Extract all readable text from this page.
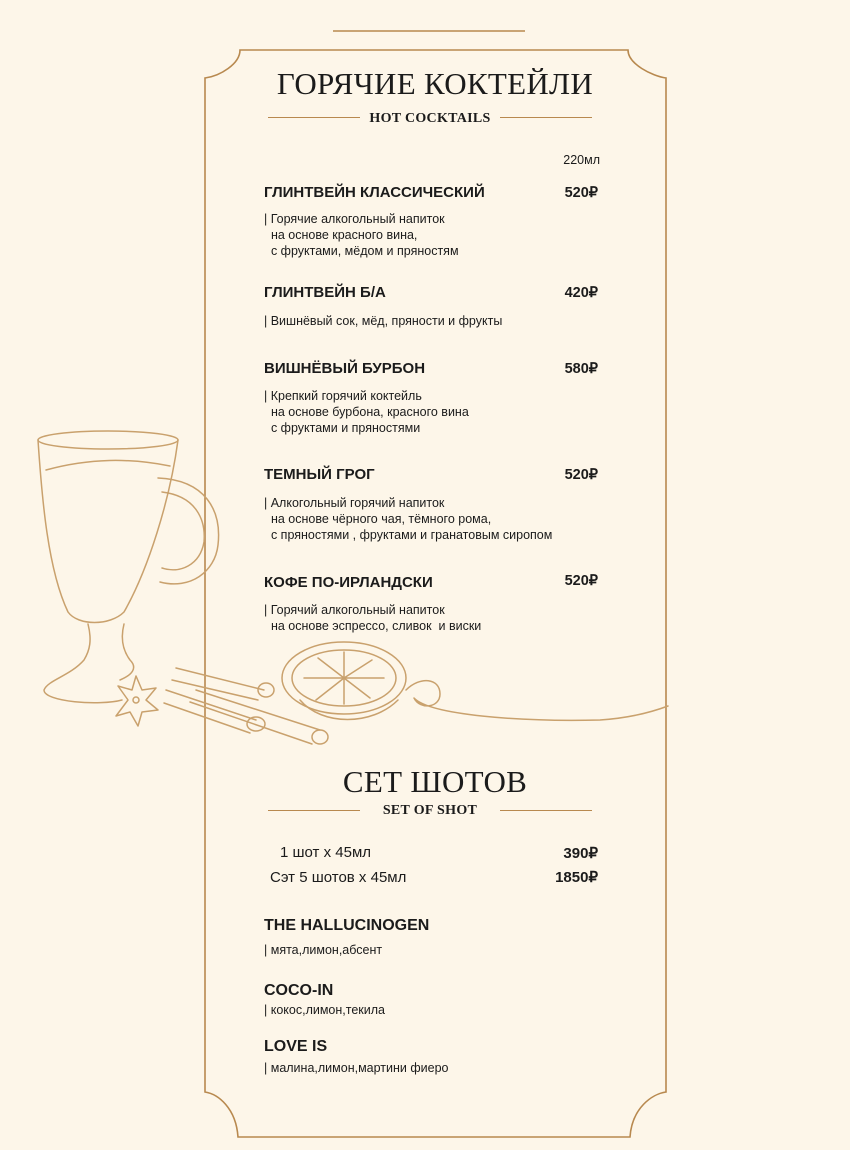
ГОРЯЧИЕ КОКТЕЙЛИ
HOT COCKTAILS
220мл
ГЛИНТВЕЙН КЛАССИЧЕСКИЙ	520₽
| Горячие алкогольный напиток
на основе красного вина,
с фруктами, мёдом и пряностям
ГЛИНТВЕЙН Б/А	420₽
| Вишнёвый сок, мёд, пряности и фрукты
ВИШНЁВЫЙ БУРБОН	580₽
| Крепкий горячий коктейль
на основе бурбона, красного вина
с фруктами и пряностями
ТЕМНЫЙ ГРОГ	520₽
| Алкогольный горячий напиток
на основе чёрного чая, тёмного рома,
с пряностями , фруктами и гранатовым сиропом
КОФЕ ПО-ИРЛАНДСКИ	520₽
| Горячий алкогольный напиток
на основе эспрессо, сливок  и виски
СЕТ ШОТОВ
SET OF SHOT
1 шот х 45мл	390₽
Сэт 5 шотов х 45мл	1850₽
THE HALLUCINOGEN
| мята,лимон,абсент
COCO-IN
| кокос,лимон,текила
LOVE IS
| малина,лимон,мартини фиеро
